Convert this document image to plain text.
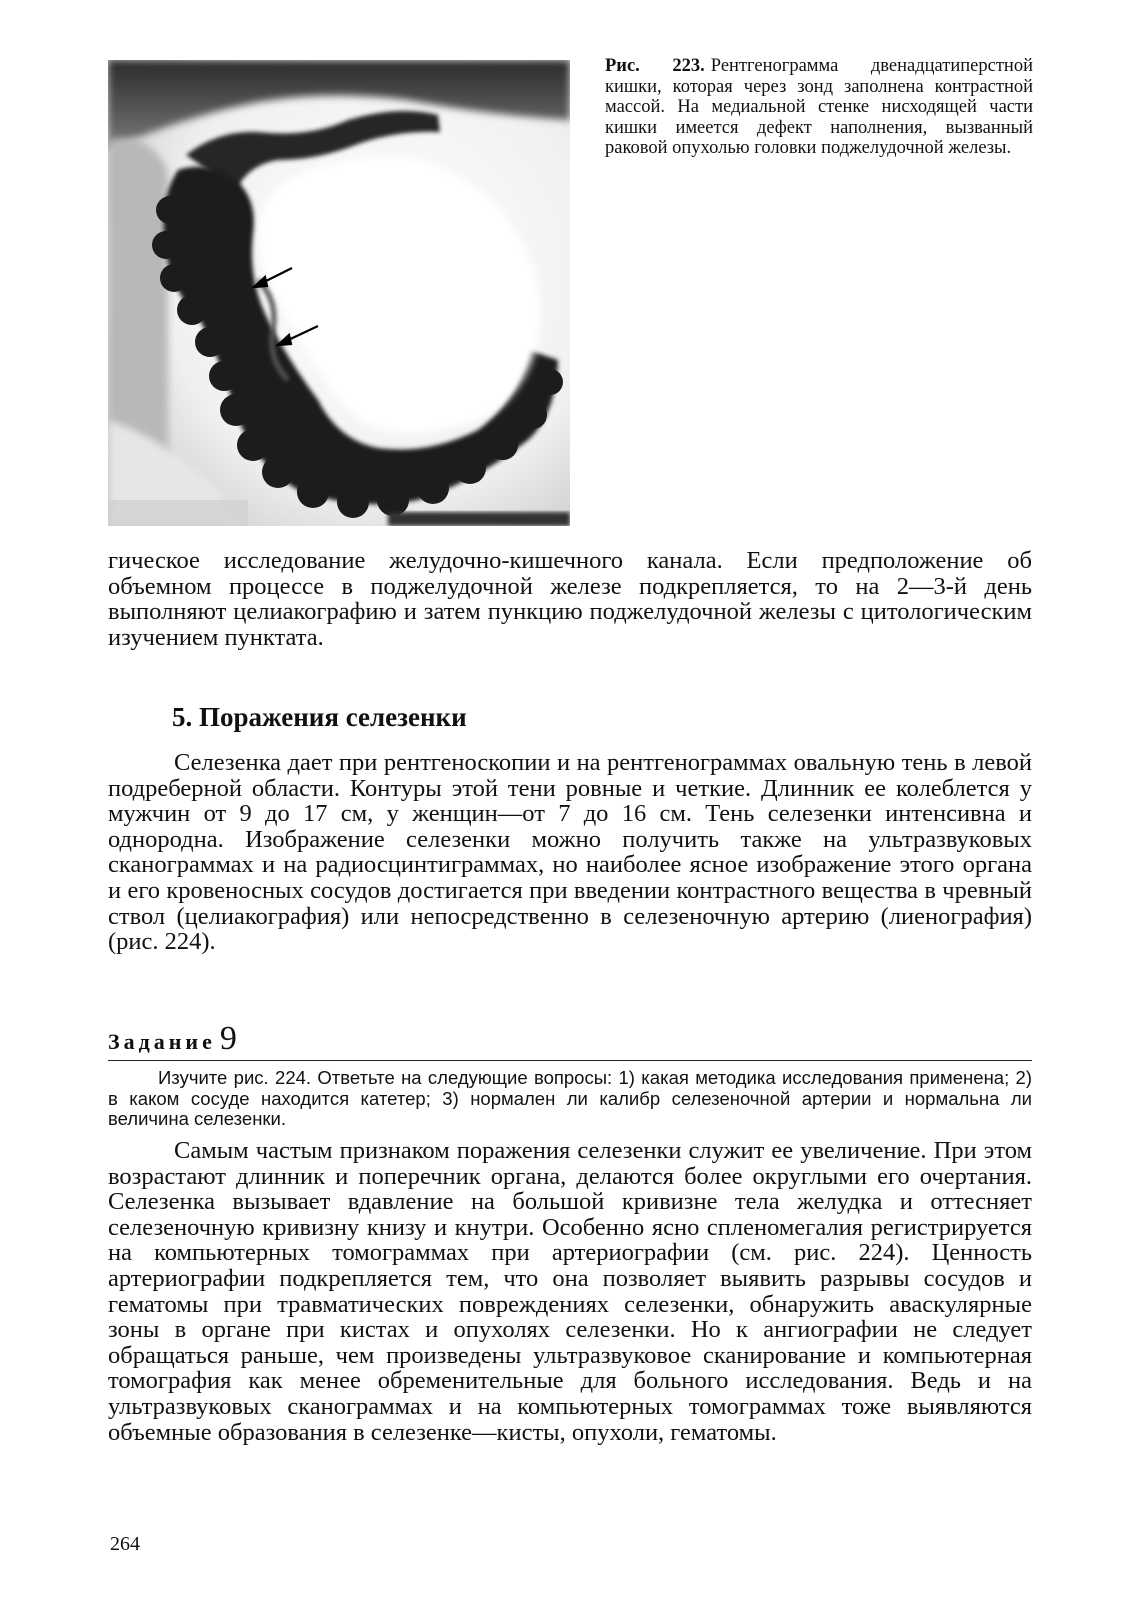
Рис. 223. Рентгенограмма двенадцатиперстной кишки, которая через зонд заполнена контрастной массой. На медиальной стенке нисходящей части кишки имеется дефект наполнения, вызванный раковой опухолью головки поджелудочной железы.

гическое исследование желудочно-кишечного канала. Если предположение об объемном процессе в поджелудочной железе подкрепляется, то на 2—3-й день выполняют целиакографию и затем пункцию поджелудочной железы с цитологическим изучением пунктата.

5. Поражения селезенки

Селезенка дает при рентгеноскопии и на рентгенограммах овальную тень в левой подреберной области. Контуры этой тени ровные и четкие. Длинник ее колеблется у мужчин от 9 до 17 см, у женщин—от 7 до 16 см. Тень селезенки интенсивна и однородна. Изображение селезенки можно получить также на ультразвуковых сканограммах и на радиосцинтиграммах, но наиболее ясное изображение этого органа и его кровеносных сосудов достигается при введении контрастного вещества в чревный ствол (целиакография) или непосредственно в селезеночную артерию (лиенография) (рис. 224).

Задание 9

Изучите рис. 224. Ответьте на следующие вопросы: 1) какая методика исследования применена; 2) в каком сосуде находится катетер; 3) нормален ли калибр селезеночной артерии и нормальна ли величина селезенки.

Самым частым признаком поражения селезенки служит ее увеличение. При этом возрастают длинник и поперечник органа, делаются более округлыми его очертания. Селезенка вызывает вдавление на большой кривизне тела желудка и оттесняет селезеночную кривизну книзу и кнутри. Особенно ясно спленомегалия регистрируется на компьютерных томограммах при артериографии (см. рис. 224). Ценность артериографии подкрепляется тем, что она позволяет выявить разрывы сосудов и гематомы при травматических повреждениях селезенки, обнаружить аваскулярные зоны в органе при кистах и опухолях селезенки. Но к ангиографии не следует обращаться раньше, чем произведены ультразвуковое сканирование и компьютерная томография как менее обременительные для больного исследования. Ведь и на ультразвуковых сканограммах и на компьютерных томограммах тоже выявляются объемные образования в селезенке—кисты, опухоли, гематомы.

264
